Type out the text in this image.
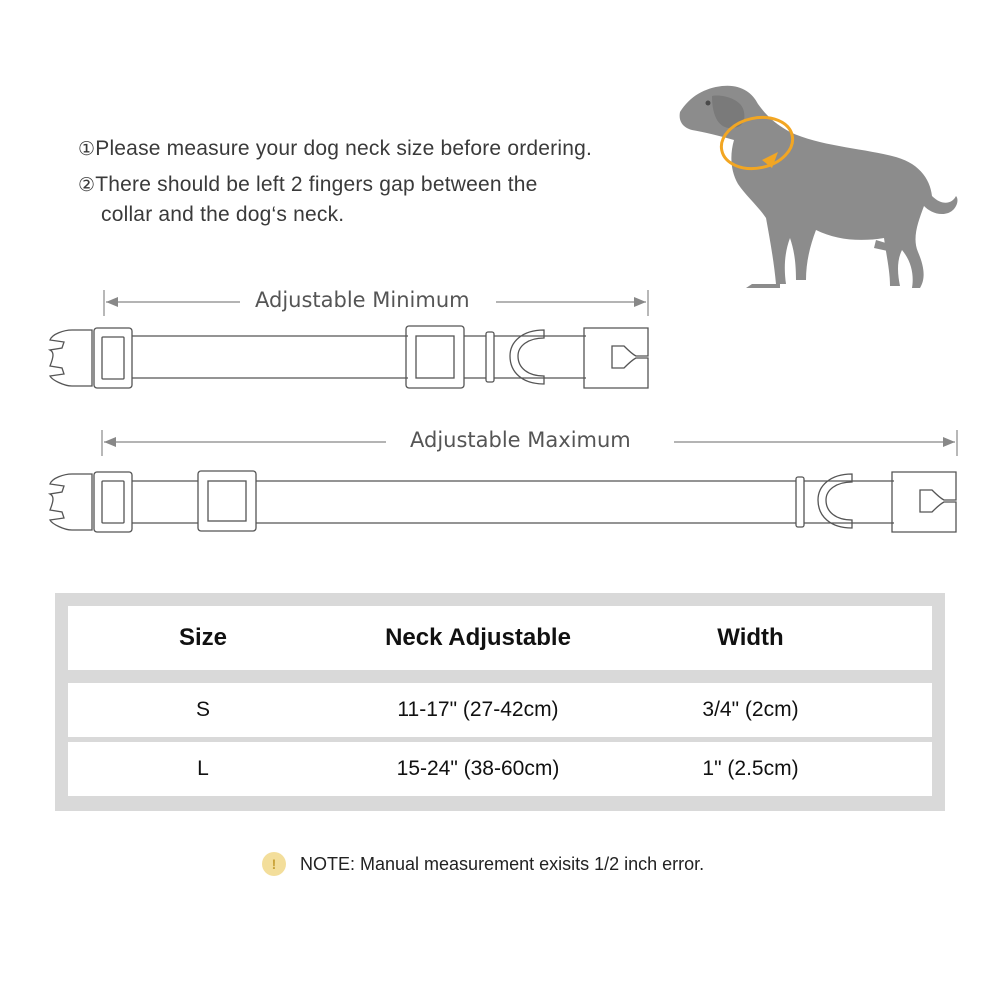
①Please measure your dog neck size before ordering.
②There should be left 2 fingers gap between the
collar and the dog‘s neck.
Adjustable Minimum
Adjustable Maximum
Size	Neck Adjustable	Width
S	11-17" (27-42cm)	3/4" (2cm)
L	15-24" (38-60cm)	1" (2.5cm)
!	NOTE: Manual measurement exisits 1/2 inch error.
